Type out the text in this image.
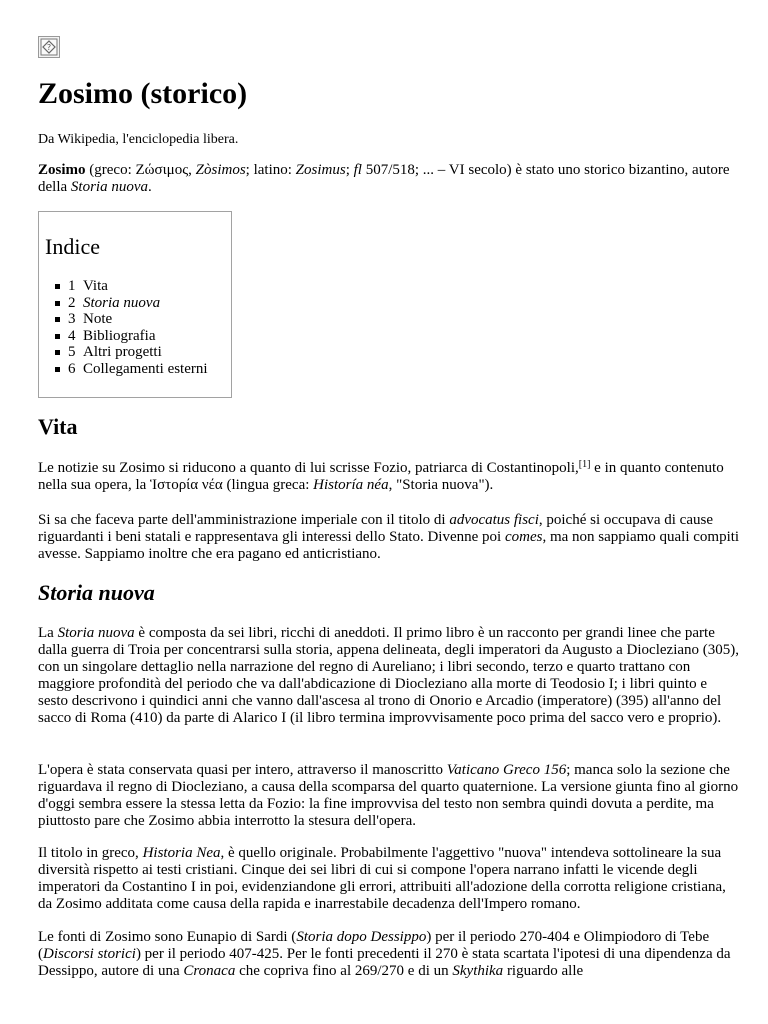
?
Zosimo (storico)

Da Wikipedia, l'enciclopedia libera.

Zosimo (greco: Ζώσιμος, Zòsimos; latino: Zosimus; fl 507/518; ... – VI secolo) è stato uno storico bizantino, autore della Storia nuova.

Indice
1 Vita
2 Storia nuova
3 Note
4 Bibliografia
5 Altri progetti
6 Collegamenti esterni
Vita

Le notizie su Zosimo si riducono a quanto di lui scrisse Fozio, patriarca di Costantinopoli,[1] e in quanto contenuto nella sua opera, la Ἱστορία νέα (lingua greca: Historía néa, "Storia nuova").

Si sa che faceva parte dell'amministrazione imperiale con il titolo di advocatus fisci, poiché si occupava di cause riguardanti i beni statali e rappresentava gli interessi dello Stato. Divenne poi comes, ma non sappiamo quali compiti avesse. Sappiamo inoltre che era pagano ed anticristiano.

Storia nuova

La Storia nuova è composta da sei libri, ricchi di aneddoti. Il primo libro è un racconto per grandi linee che parte dalla guerra di Troia per concentrarsi sulla storia, appena delineata, degli imperatori da Augusto a Diocleziano (305), con un singolare dettaglio nella narrazione del regno di Aureliano; i libri secondo, terzo e quarto trattano con maggiore profondità del periodo che va dall'abdicazione di Diocleziano alla morte di Teodosio I; i libri quinto e sesto descrivono i quindici anni che vanno dall'ascesa al trono di Onorio e Arcadio (imperatore) (395) all'anno del sacco di Roma (410) da parte di Alarico I (il libro termina improvvisamente poco prima del sacco vero e proprio).

L'opera è stata conservata quasi per intero, attraverso il manoscritto Vaticano Greco 156; manca solo la sezione che riguardava il regno di Diocleziano, a causa della scomparsa del quarto quaternione. La versione giunta fino al giorno d'oggi sembra essere la stessa letta da Fozio: la fine improvvisa del testo non sembra quindi dovuta a perdite, ma piuttosto pare che Zosimo abbia interrotto la stesura dell'opera.

Il titolo in greco, Historia Nea, è quello originale. Probabilmente l'aggettivo "nuova" intendeva sottolineare la sua diversità rispetto ai testi cristiani. Cinque dei sei libri di cui si compone l'opera narrano infatti le vicende degli imperatori da Costantino I in poi, evidenziandone gli errori, attribuiti all'adozione della corrotta religione cristiana, da Zosimo additata come causa della rapida e inarrestabile decadenza dell'Impero romano.

Le fonti di Zosimo sono Eunapio di Sardi (Storia dopo Dessippo) per il periodo 270-404 e Olimpiodoro di Tebe (Discorsi storici) per il periodo 407-425. Per le fonti precedenti il 270 è stata scartata l'ipotesi di una dipendenza da Dessippo, autore di una Cronaca che copriva fino al 269/270 e di un Skythika riguardo alle
